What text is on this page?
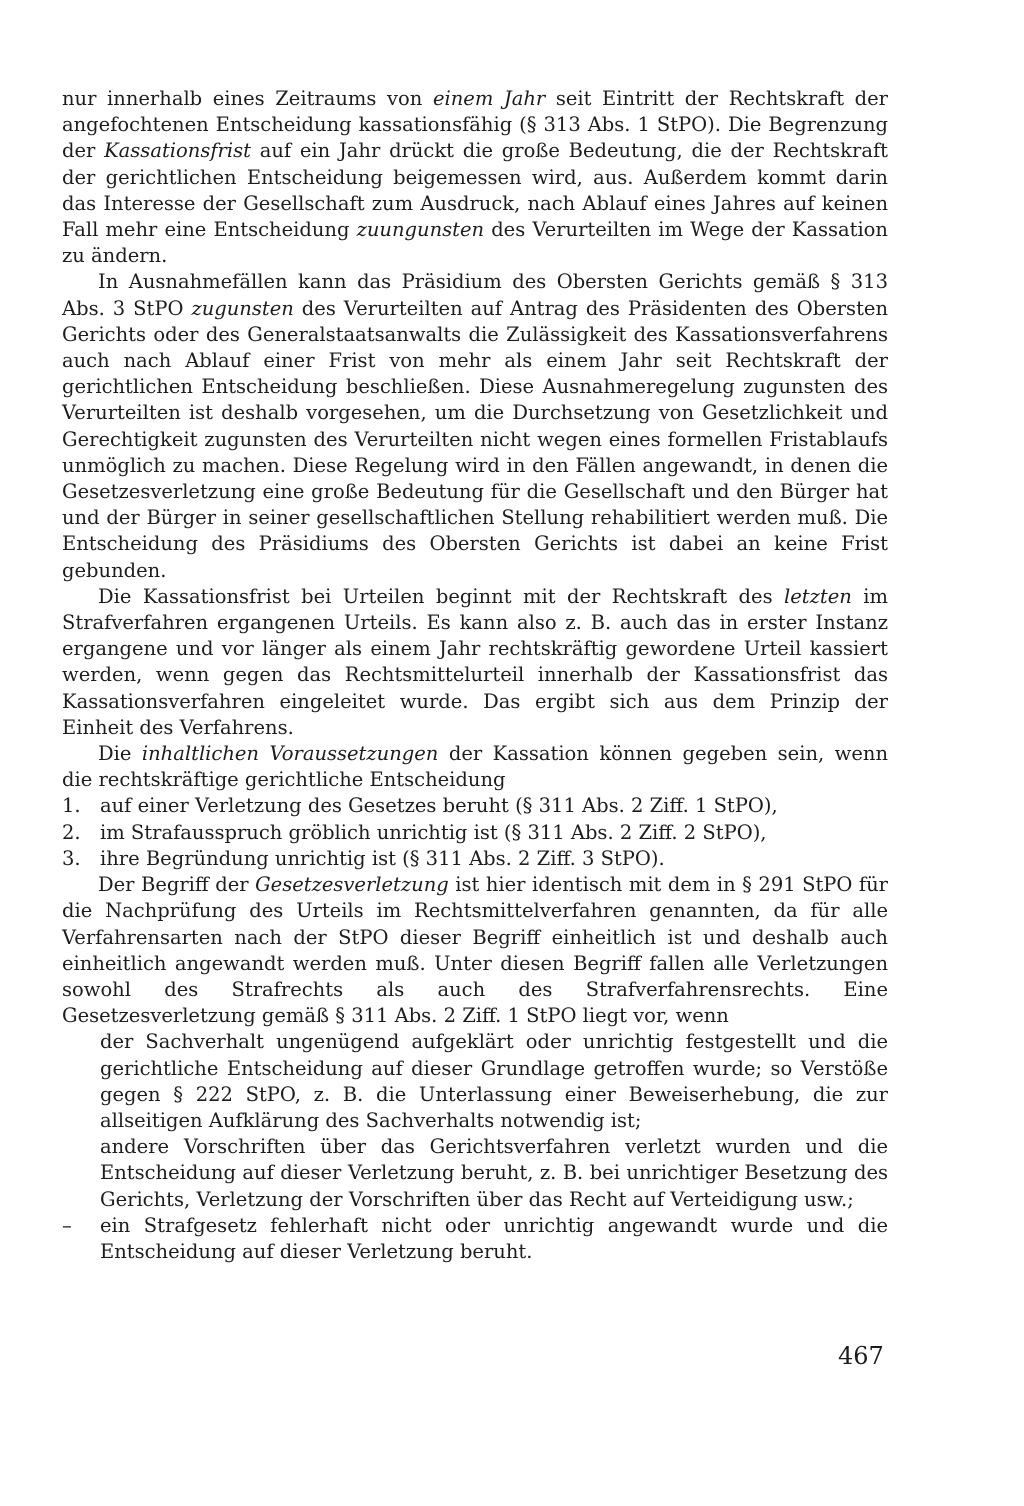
nur innerhalb eines Zeitraums von einem Jahr seit Eintritt der Rechtskraft der angefochtenen Entscheidung kassationsfähig (§ 313 Abs. 1 StPO). Die Begrenzung der Kassationsfrist auf ein Jahr drückt die große Bedeutung, die der Rechtskraft der gerichtlichen Entscheidung beigemessen wird, aus. Außerdem kommt darin das Interesse der Gesellschaft zum Ausdruck, nach Ablauf eines Jahres auf keinen Fall mehr eine Entscheidung zuungunsten des Verurteilten im Wege der Kassation zu ändern.

In Ausnahmefällen kann das Präsidium des Obersten Gerichts gemäß § 313 Abs. 3 StPO zugunsten des Verurteilten auf Antrag des Präsidenten des Obersten Gerichts oder des Generalstaatsanwalts die Zulässigkeit des Kassationsverfahrens auch nach Ablauf einer Frist von mehr als einem Jahr seit Rechtskraft der gerichtlichen Entscheidung beschließen. Diese Ausnahmeregelung zugunsten des Verurteilten ist deshalb vorgesehen, um die Durchsetzung von Gesetzlichkeit und Gerechtigkeit zugunsten des Verurteilten nicht wegen eines formellen Fristablaufs unmöglich zu machen. Diese Regelung wird in den Fällen angewandt, in denen die Gesetzesverletzung eine große Bedeutung für die Gesellschaft und den Bürger hat und der Bürger in seiner gesellschaftlichen Stellung rehabilitiert werden muß. Die Entscheidung des Präsidiums des Obersten Gerichts ist dabei an keine Frist gebunden.

Die Kassationsfrist bei Urteilen beginnt mit der Rechtskraft des letzten im Strafverfahren ergangenen Urteils. Es kann also z. B. auch das in erster Instanz ergangene und vor länger als einem Jahr rechtskräftig gewordene Urteil kassiert werden, wenn gegen das Rechtsmittelurteil innerhalb der Kassationsfrist das Kassationsverfahren eingeleitet wurde. Das ergibt sich aus dem Prinzip der Einheit des Verfahrens.

Die inhaltlichen Voraussetzungen der Kassation können gegeben sein, wenn die rechtskräftige gerichtliche Entscheidung

1. auf einer Verletzung des Gesetzes beruht (§ 311 Abs. 2 Ziff. 1 StPO),
2. im Strafausspruch gröblich unrichtig ist (§ 311 Abs. 2 Ziff. 2 StPO),
3. ihre Begründung unrichtig ist (§ 311 Abs. 2 Ziff. 3 StPO).

Der Begriff der Gesetzesverletzung ist hier identisch mit dem in § 291 StPO für die Nachprüfung des Urteils im Rechtsmittelverfahren genannten, da für alle Verfahrensarten nach der StPO dieser Begriff einheitlich ist und deshalb auch einheitlich angewandt werden muß. Unter diesen Begriff fallen alle Verletzungen sowohl des Strafrechts als auch des Strafverfahrensrechts. Eine Gesetzesverletzung gemäß § 311 Abs. 2 Ziff. 1 StPO liegt vor, wenn

der Sachverhalt ungenügend aufgeklärt oder unrichtig festgestellt und die gerichtliche Entscheidung auf dieser Grundlage getroffen wurde; so Verstöße gegen § 222 StPO, z. B. die Unterlassung einer Beweiserhebung, die zur allseitigen Aufklärung des Sachverhalts notwendig ist;
andere Vorschriften über das Gerichtsverfahren verletzt wurden und die Entscheidung auf dieser Verletzung beruht, z. B. bei unrichtiger Besetzung des Gerichts, Verletzung der Vorschriften über das Recht auf Verteidigung usw.;
–	ein Strafgesetz fehlerhaft nicht oder unrichtig angewandt wurde und die Entscheidung auf dieser Verletzung beruht.
467
